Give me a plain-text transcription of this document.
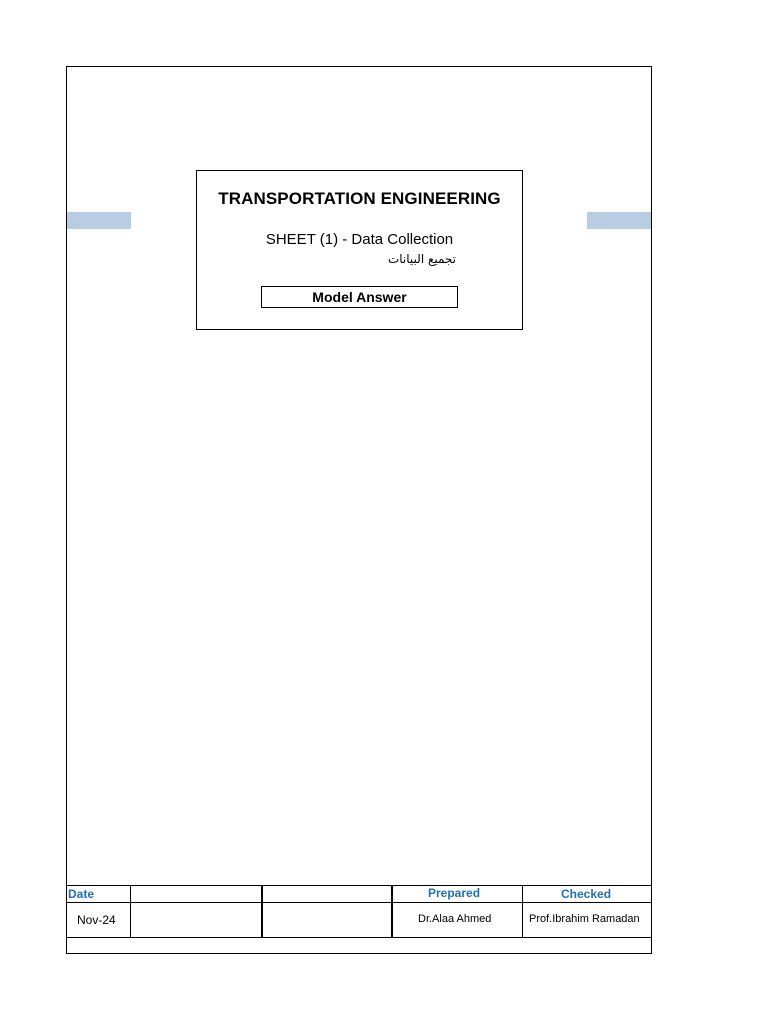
TRANSPORTATION ENGINEERING
SHEET (1) - Data Collection
تجميع البيانات
Model Answer
Date	Prepared	Checked
Nov-24	Dr.Alaa Ahmed	Prof.Ibrahim Ramadan
